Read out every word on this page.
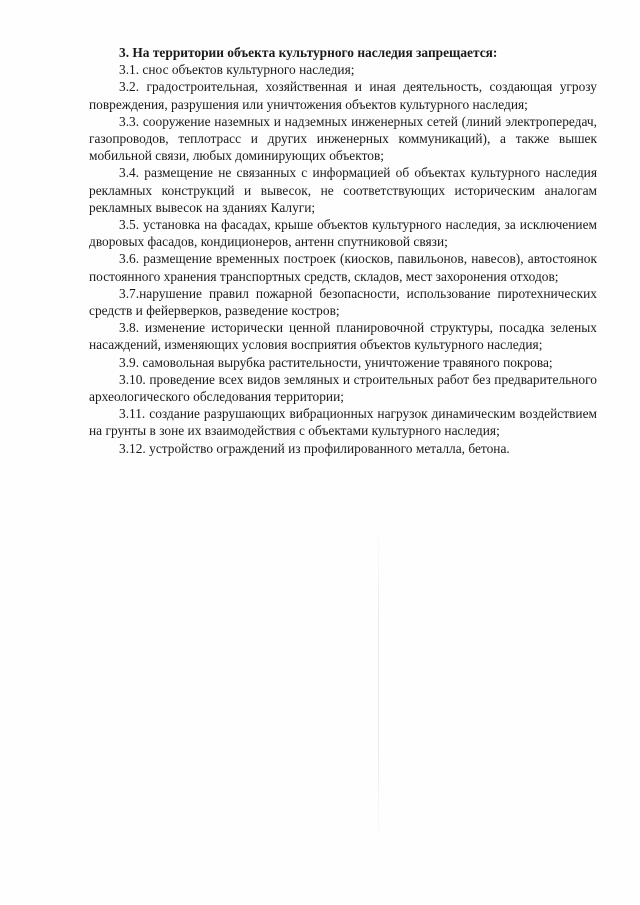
3. На территории объекта культурного наследия запрещается:

3.1. снос объектов культурного наследия;

3.2. градостроительная, хозяйственная и иная деятельность, создающая угрозу повреждения, разрушения или уничтожения объектов культурного наследия;

3.3. сооружение наземных и надземных инженерных сетей (линий электропередач, газопроводов, теплотрасс и других инженерных коммуникаций), а также вышек мобильной связи, любых доминирующих объектов;

3.4. размещение не связанных с информацией об объектах культурного наследия рекламных конструкций и вывесок, не соответствующих историческим аналогам рекламных вывесок на зданиях Калуги;

3.5. установка на фасадах, крыше объектов культурного наследия, за исключением дворовых фасадов, кондиционеров, антенн спутниковой связи;

3.6. размещение временных построек (киосков, павильонов, навесов), автостоянок постоянного хранения транспортных средств, складов, мест захоронения отходов;

3.7.нарушение правил пожарной безопасности, использование пиротехнических средств и фейерверков, разведение костров;

3.8. изменение исторически ценной планировочной структуры, посадка зеленых насаждений, изменяющих условия восприятия объектов культурного наследия;

3.9. самовольная вырубка растительности, уничтожение травяного покрова;

3.10. проведение всех видов земляных и строительных работ без предварительного археологического обследования территории;

3.11. создание разрушающих вибрационных нагрузок динамическим воздействием на грунты в зоне их взаимодействия с объектами культурного наследия;

3.12. устройство ограждений из профилированного металла, бетона.
